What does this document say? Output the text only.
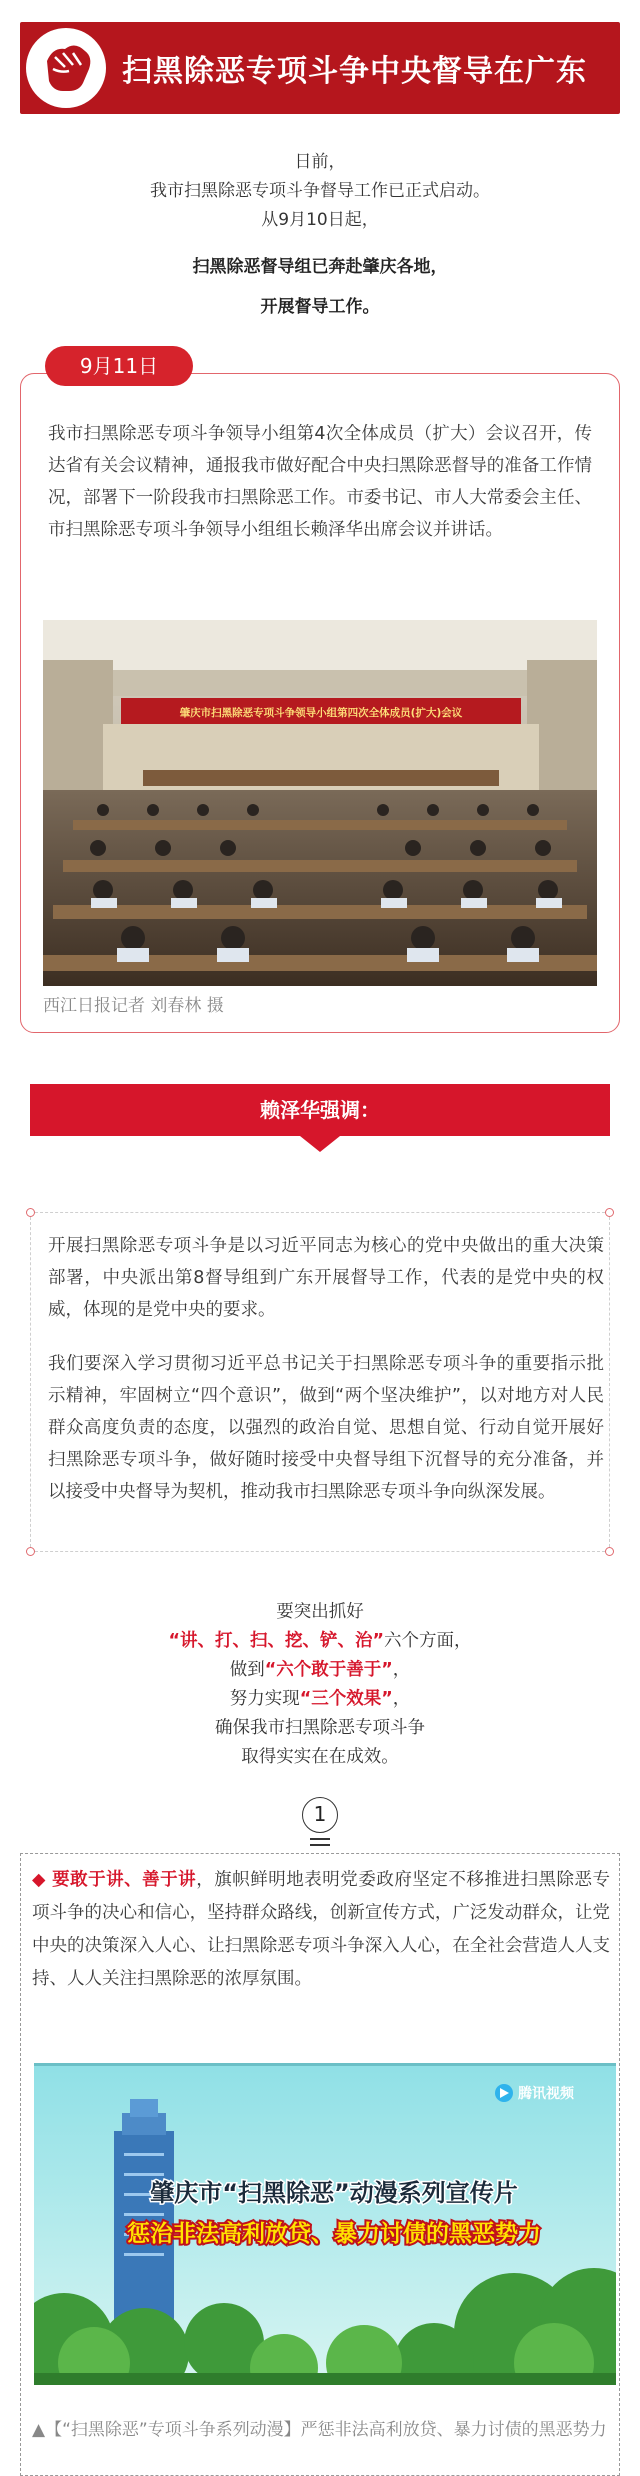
扫黑除恶专项斗争中央督导在广东
日前，
我市扫黑除恶专项斗争督导工作已正式启动。
从9月10日起，
扫黑除恶督导组已奔赴肇庆各地，
开展督导工作。
9月11日
我市扫黑除恶专项斗争领导小组第4次全体成员（扩大）会议召开，传达省有关会议精神，通报我市做好配合中央扫黑除恶督导的准备工作情况，部署下一阶段我市扫黑除恶工作。市委书记、市人大常委会主任、市扫黑除恶专项斗争领导小组组长赖泽华出席会议并讲话。
肇庆市扫黑除恶专项斗争领导小组第四次全体成员(扩大)会议
西江日报记者 刘春林 摄
赖泽华强调：

开展扫黑除恶专项斗争是以习近平同志为核心的党中央做出的重大决策部署，中央派出第8督导组到广东开展督导工作，代表的是党中央的权威，体现的是党中央的要求。

我们要深入学习贯彻习近平总书记关于扫黑除恶专项斗争的重要指示批示精神，牢固树立“四个意识”，做到“两个坚决维护”，以对地方对人民群众高度负责的态度，以强烈的政治自觉、思想自觉、行动自觉开展好扫黑除恶专项斗争，做好随时接受中央督导组下沉督导的充分准备，并以接受中央督导为契机，推动我市扫黑除恶专项斗争向纵深发展。

要突出抓好
“讲、打、扫、挖、铲、治”六个方面，
做到“六个敢于善于”，
努力实现“三个效果”，
确保我市扫黑除恶专项斗争
取得实实在在成效。
1
◆ 要敢于讲、善于讲，旗帜鲜明地表明党委政府坚定不移推进扫黑除恶专项斗争的决心和信心，坚持群众路线，创新宣传方式，广泛发动群众，让党中央的决策深入人心、让扫黑除恶专项斗争深入人心，在全社会营造人人支持、人人关注扫黑除恶的浓厚氛围。
腾讯视频
肇庆市“扫黑除恶”动漫系列宣传片
惩治非法高利放贷、暴力讨债的黑恶势力
▲【“扫黑除恶”专项斗争系列动漫】严惩非法高利放贷、暴力讨债的黑恶势力
